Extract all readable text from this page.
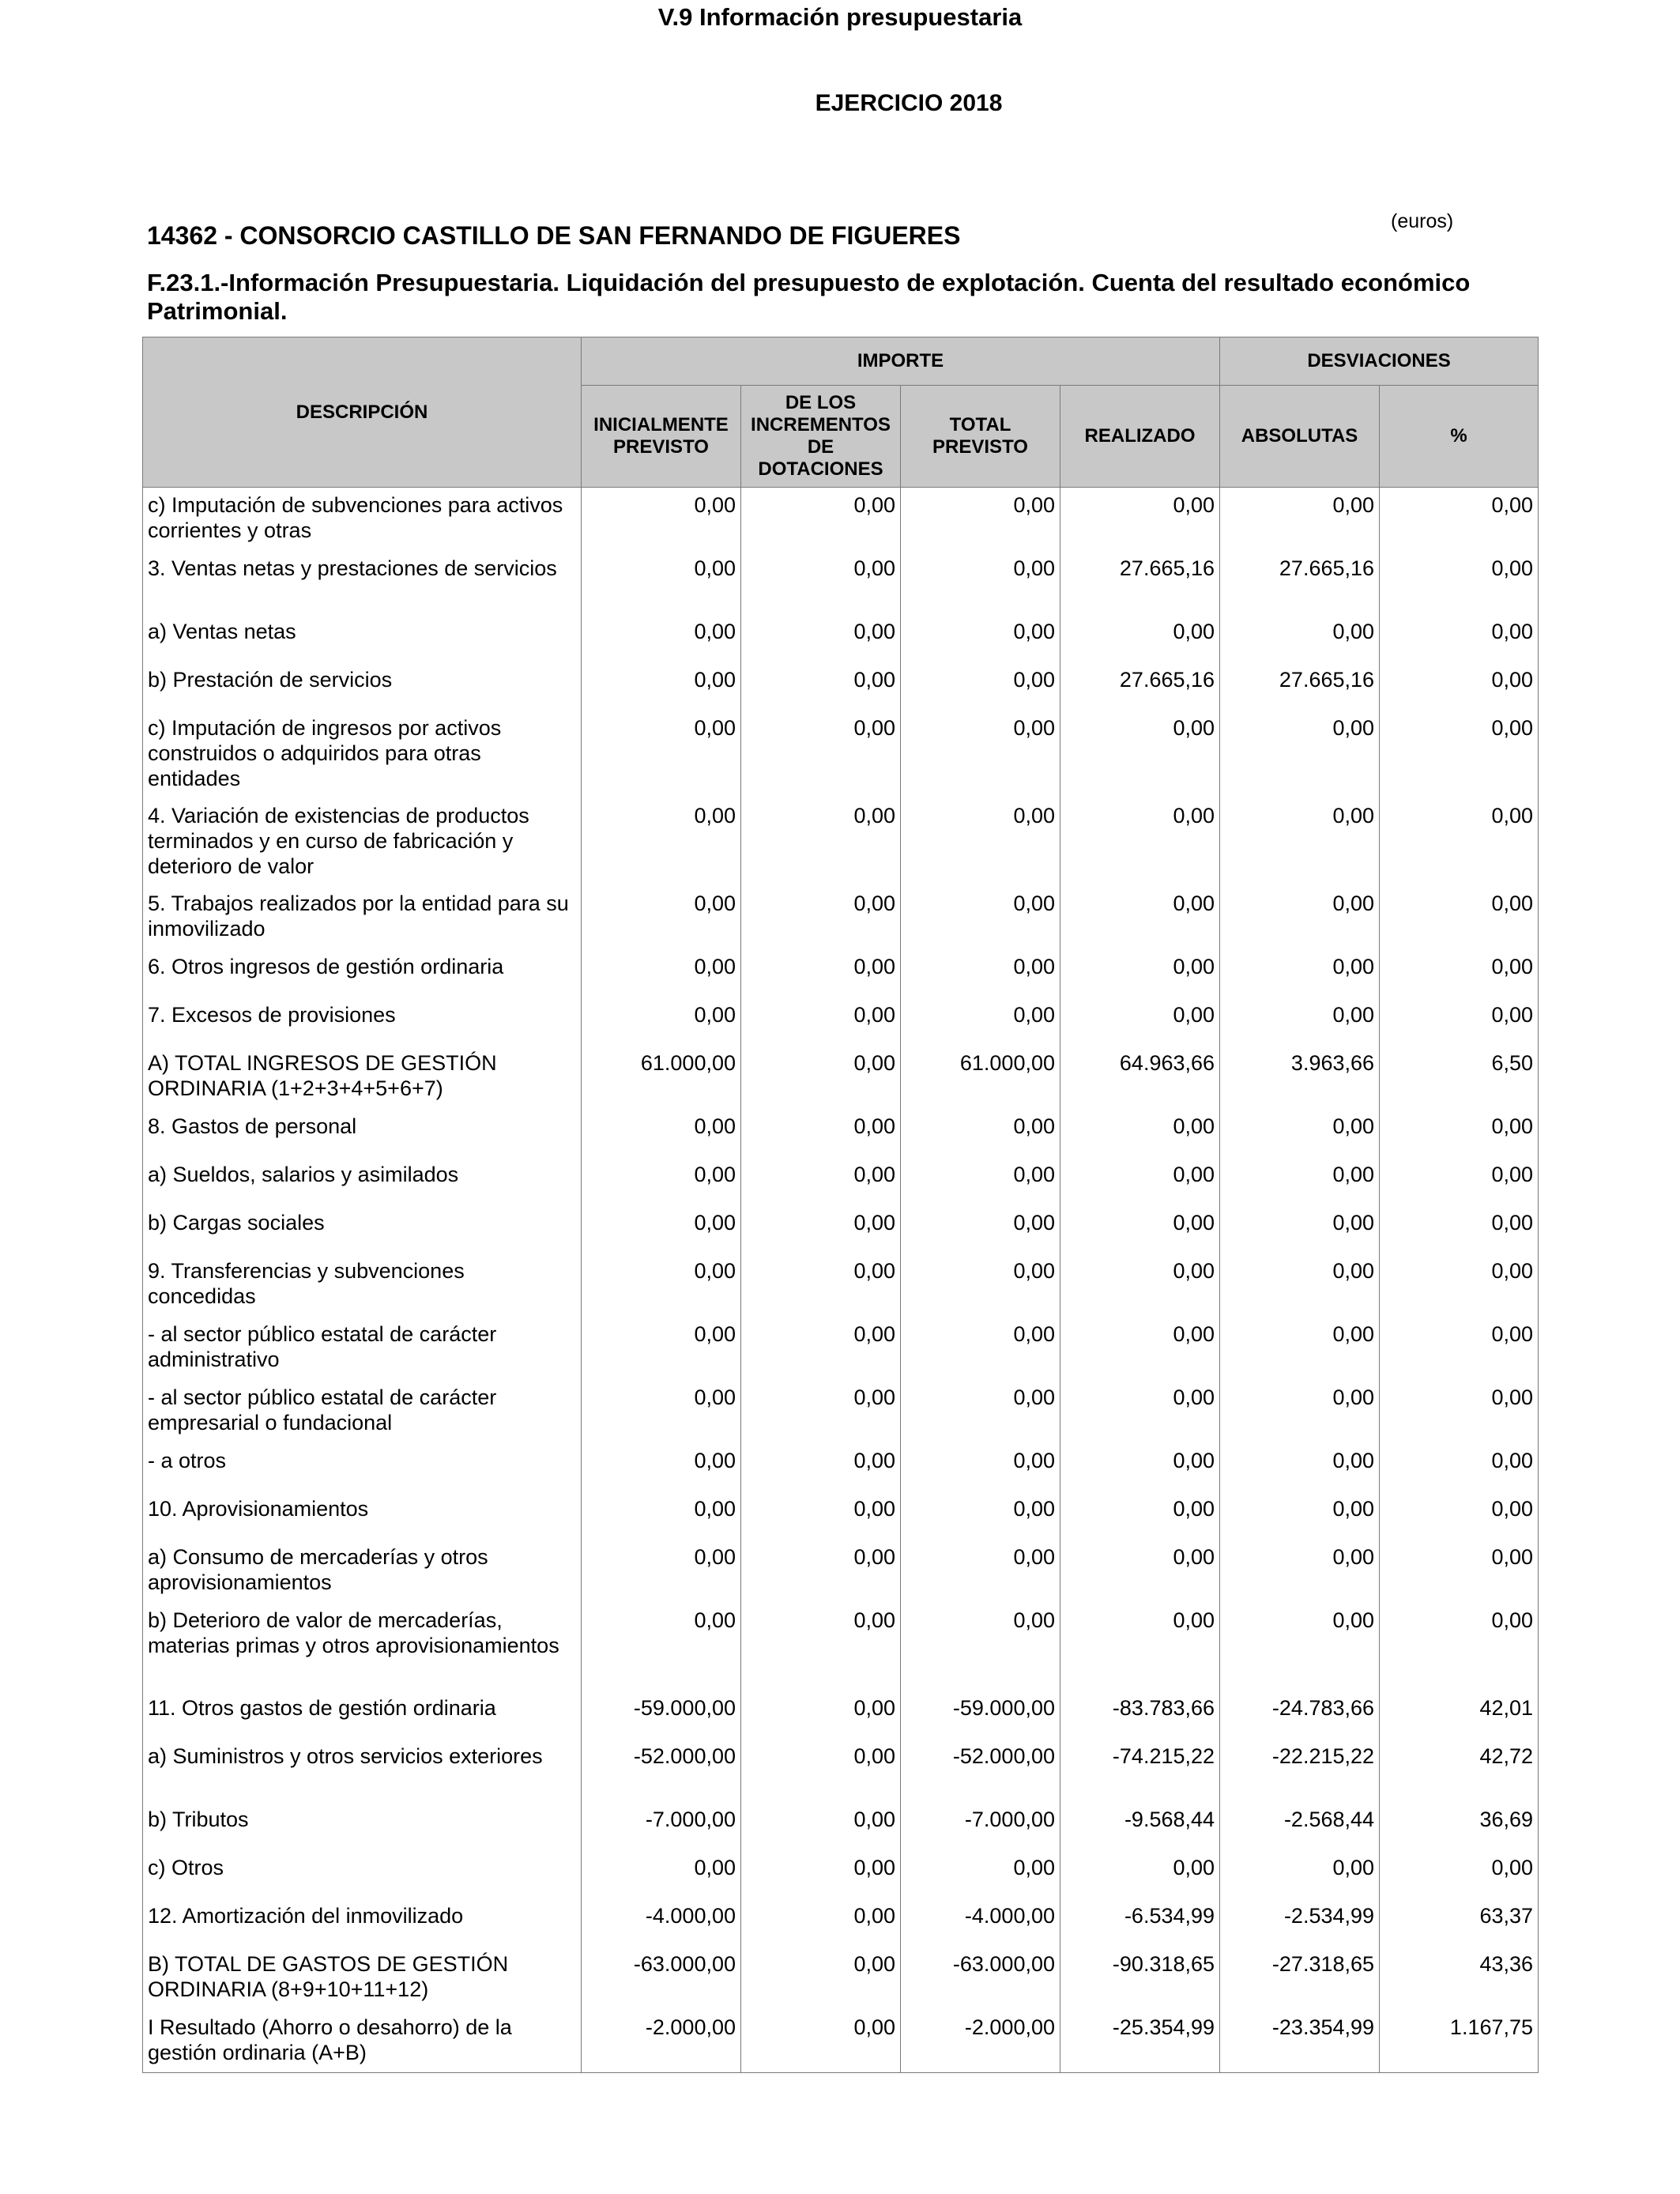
V.9 Información presupuestaria
EJERCICIO 2018
(euros)
14362 - CONSORCIO CASTILLO DE SAN FERNANDO DE FIGUERES
F.23.1.-Información Presupuestaria. Liquidación del presupuesto de explotación. Cuenta del resultado económico Patrimonial.
DESCRIPCIÓN	IMPORTE				DESVIACIONES	
	INICIALMENTE PREVISTO	DE LOS INCREMENTOS DE DOTACIONES	TOTAL PREVISTO	REALIZADO	ABSOLUTAS	%
c) Imputación de subvenciones para activos corrientes y otras	0,00	0,00	0,00	0,00	0,00	0,00
3. Ventas netas y prestaciones de servicios	0,00	0,00	0,00	27.665,16	27.665,16	0,00
a) Ventas netas	0,00	0,00	0,00	0,00	0,00	0,00
b) Prestación de servicios	0,00	0,00	0,00	27.665,16	27.665,16	0,00
c) Imputación de ingresos por activos construidos o adquiridos para otras entidades	0,00	0,00	0,00	0,00	0,00	0,00
4. Variación de existencias de productos terminados y en curso de fabricación y deterioro de valor	0,00	0,00	0,00	0,00	0,00	0,00
5. Trabajos realizados por la entidad para su inmovilizado	0,00	0,00	0,00	0,00	0,00	0,00
6. Otros ingresos de gestión ordinaria	0,00	0,00	0,00	0,00	0,00	0,00
7. Excesos de provisiones	0,00	0,00	0,00	0,00	0,00	0,00
A) TOTAL INGRESOS DE GESTIÓN ORDINARIA (1+2+3+4+5+6+7)	61.000,00	0,00	61.000,00	64.963,66	3.963,66	6,50
8. Gastos de personal	0,00	0,00	0,00	0,00	0,00	0,00
a) Sueldos, salarios y asimilados	0,00	0,00	0,00	0,00	0,00	0,00
b) Cargas sociales	0,00	0,00	0,00	0,00	0,00	0,00
9. Transferencias y subvenciones concedidas	0,00	0,00	0,00	0,00	0,00	0,00
- al sector público estatal de carácter administrativo	0,00	0,00	0,00	0,00	0,00	0,00
- al sector público estatal de carácter empresarial o fundacional	0,00	0,00	0,00	0,00	0,00	0,00
- a otros	0,00	0,00	0,00	0,00	0,00	0,00
10. Aprovisionamientos	0,00	0,00	0,00	0,00	0,00	0,00
a) Consumo de mercaderías y otros aprovisionamientos	0,00	0,00	0,00	0,00	0,00	0,00
b) Deterioro de valor de mercaderías, materias primas y otros aprovisionamientos	0,00	0,00	0,00	0,00	0,00	0,00
11. Otros gastos de gestión ordinaria	-59.000,00	0,00	-59.000,00	-83.783,66	-24.783,66	42,01
a) Suministros y otros servicios exteriores	-52.000,00	0,00	-52.000,00	-74.215,22	-22.215,22	42,72
b) Tributos	-7.000,00	0,00	-7.000,00	-9.568,44	-2.568,44	36,69
c) Otros	0,00	0,00	0,00	0,00	0,00	0,00
12. Amortización del inmovilizado	-4.000,00	0,00	-4.000,00	-6.534,99	-2.534,99	63,37
B) TOTAL DE GASTOS DE GESTIÓN ORDINARIA (8+9+10+11+12)	-63.000,00	0,00	-63.000,00	-90.318,65	-27.318,65	43,36
I Resultado (Ahorro o desahorro) de la gestión ordinaria (A+B)	-2.000,00	0,00	-2.000,00	-25.354,99	-23.354,99	1.167,75
